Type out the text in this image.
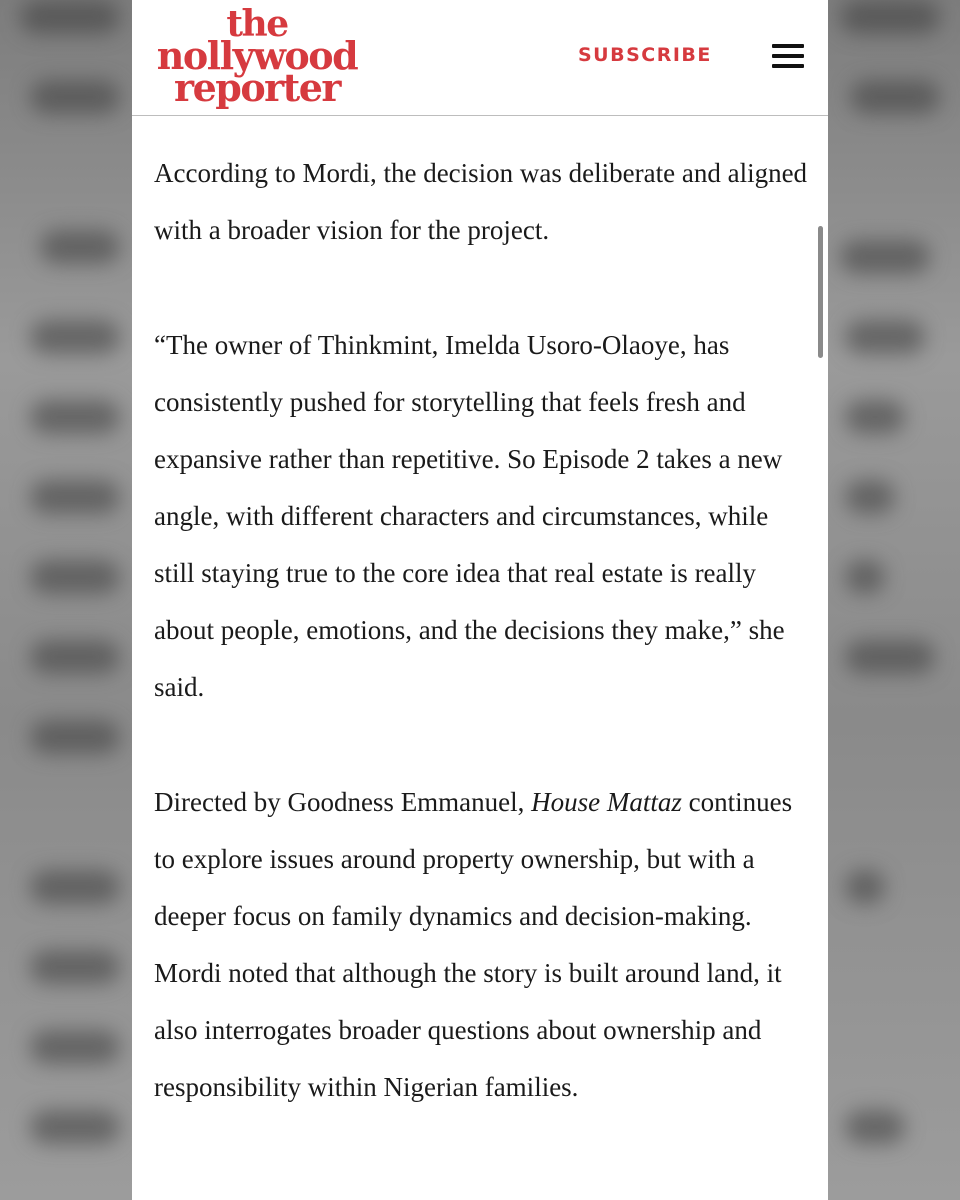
the
nollywood
reporter
SUBSCRIBE

According to Mordi, the decision was deliberate and aligned with a broader vision for the project.

“The owner of Thinkmint, Imelda Usoro-Olaoye, has consistently pushed for storytelling that feels fresh and expansive rather than repetitive. So Episode 2 takes a new angle, with different characters and circumstances, while still staying true to the core idea that real estate is really about people, emotions, and the decisions they make,” she said.

Directed by Goodness Emmanuel, House Mattaz continues to explore issues around property ownership, but with a deeper focus on family dynamics and decision-making. Mordi noted that although the story is built around land, it also interrogates broader questions about ownership and responsibility within Nigerian families.
